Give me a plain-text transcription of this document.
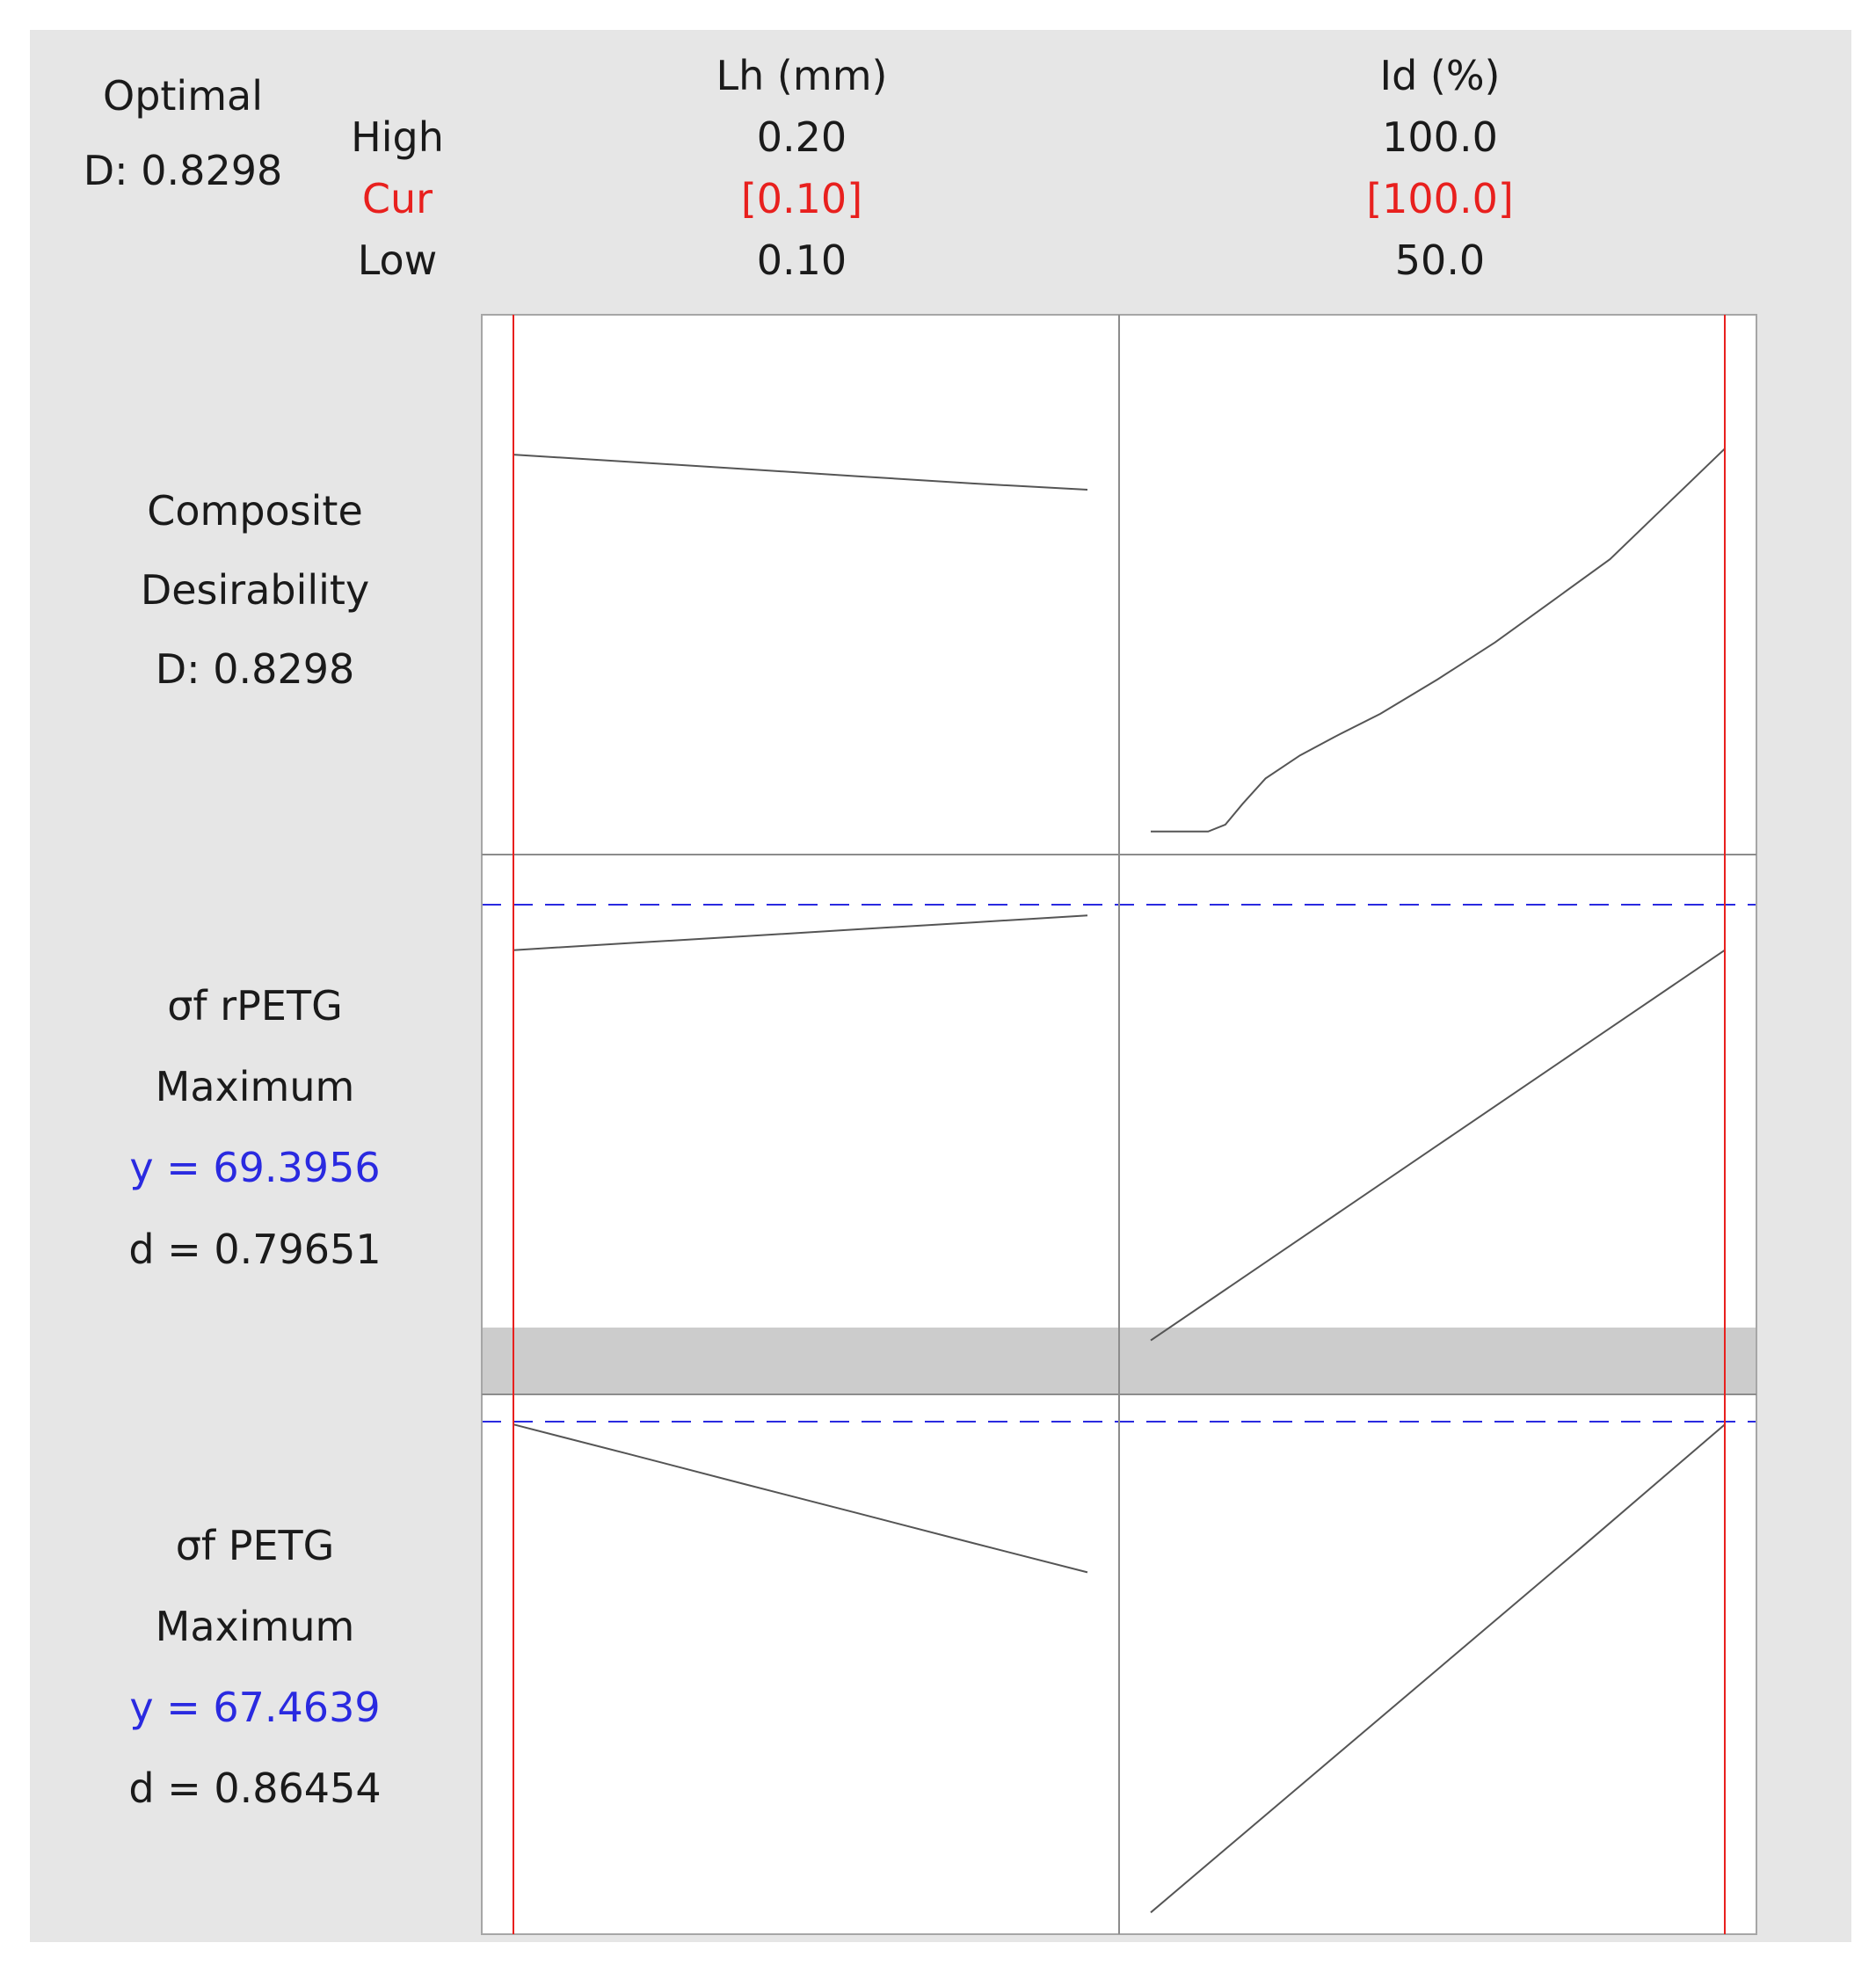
Optimal
D: 0.8298
High
Cur
Low
Lh (mm)
0.20
[0.10]
0.10
Id (%)
100.0
[100.0]
50.0
Composite
Desirability
D: 0.8298
σf rPETG
Maximum
y = 69.3956
d = 0.79651
σf PETG
Maximum
y = 67.4639
d = 0.86454
